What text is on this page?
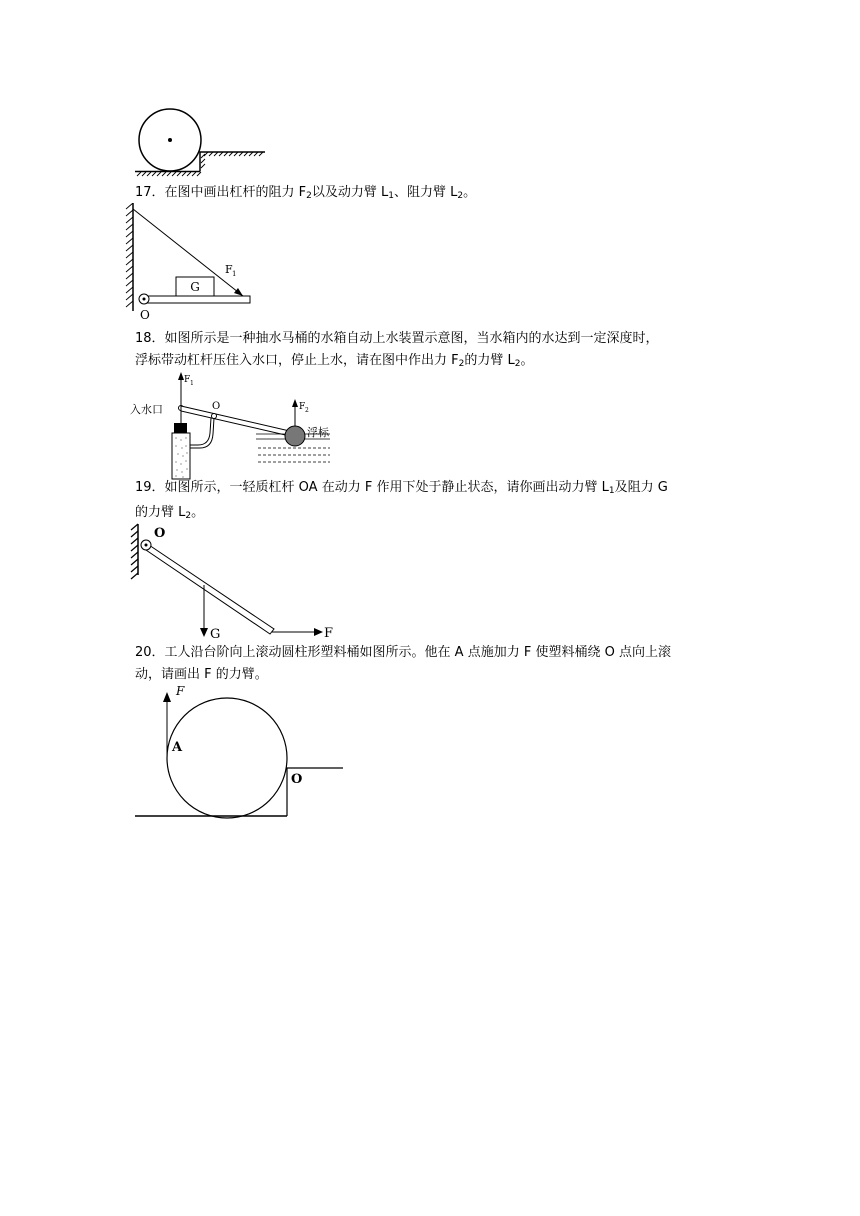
17．在图中画出杠杆的阻力 $F_2$以及动力臂 $L_1$、阻力臂 $L_2$。
G
O
F 1
18．如图所示是一种抽水马桶的水箱自动上水装置示意图，当水箱内的水达到一定深度时，
浮标带动杠杆压住入水口，停止上水，请在图中作出力 $F_2$的力臂 $L_2$。
入水口
F 1
O
浮标
F 2
19．如图所示，一轻质杠杆 OA 在动力 F 作用下处于静止状态，请你画出动力臂 $L_1$及阻力 G
的力臂 $L_2$。
O
G	F
20．工人沿台阶向上滚动圆柱形塑料桶如图所示。他在 A 点施加力 F 使塑料桶绕 O 点向上滚
动，请画出 F 的力臂。
F
A
O
